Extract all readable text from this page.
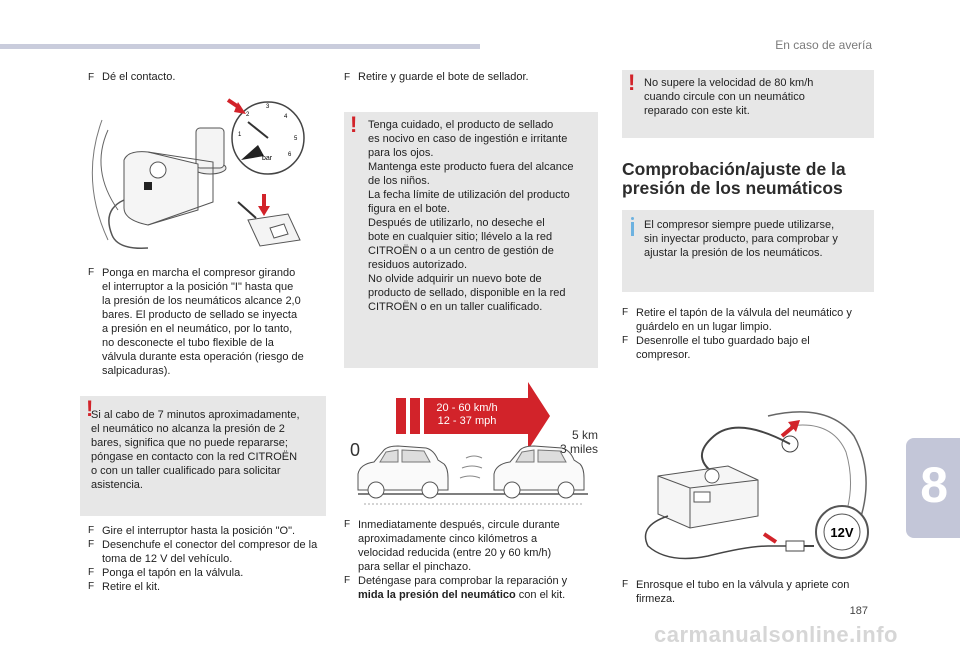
En caso de avería
8
187
carmanualsonline.info
F Dé el contacto.
3
4
2
1
5
6
bar
F Ponga en marcha el compresor girando
el interruptor a la posición "I" hasta que
la presión de los neumáticos alcance 2,0
bares. El producto de sellado se inyecta
a presión en el neumático, por lo tanto,
no desconecte el tubo flexible de la
válvula durante esta operación (riesgo de
salpicaduras).
!
Si al cabo de 7 minutos aproximadamente,
el neumático no alcanza la presión de 2
bares, significa que no puede repararse;
póngase en contacto con la red CITROËN
o con un taller cualificado para solicitar
asistencia.
F Gire el interruptor hasta la posición "O".
F Desenchufe el conector del compresor de la
toma de 12 V del vehículo.
F Ponga el tapón en la válvula.
F Retire el kit.
F Retire y guarde el bote de sellador.
! Tenga cuidado, el producto de sellado
es nocivo en caso de ingestión e irritante
para los ojos.
Mantenga este producto fuera del alcance
de los niños.
La fecha límite de utilización del producto
figura en el bote.
Después de utilizarlo, no deseche el
bote en cualquier sitio; llévelo a la red
CITROËN o a un centro de gestión de
residuos autorizado.
No olvide adquirir un nuevo bote de
producto de sellado, disponible en la red
CITROËN o en un taller cualificado.
20 - 60 km/h
12 - 37 mph
0
5 km
3 miles
F Inmediatamente después, circule durante
aproximadamente cinco kilómetros a
velocidad reducida (entre 20 y 60 km/h)
para sellar el pinchazo.
F Deténgase para comprobar la reparación y
mida la presión del neumático con el kit.
! No supere la velocidad de 80 km/h
cuando circule con un neumático
reparado con este kit.
Comprobación/ajuste de la
presión de los neumáticos
El compresor siempre puede utilizarse,
sin inyectar producto, para comprobar y
ajustar la presión de los neumáticos.
F Retire el tapón de la válvula del neumático y
guárdelo en un lugar limpio.
F Desenrolle el tubo guardado bajo el
compresor.
12V
F Enrosque el tubo en la válvula y apriete con
firmeza.
